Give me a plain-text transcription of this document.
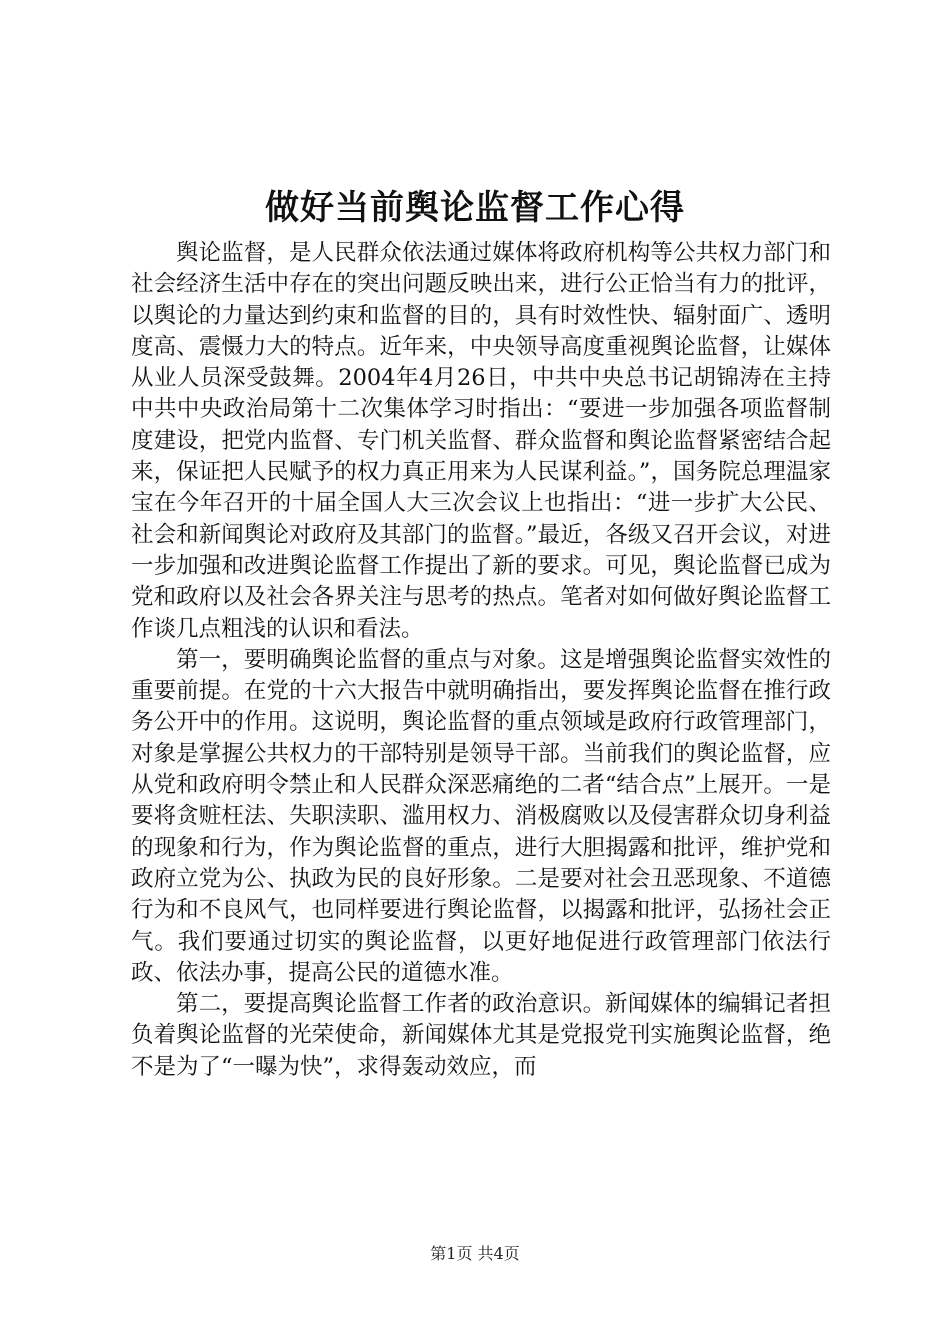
做好当前舆论监督工作心得

舆论监督，是人民群众依法通过媒体将政府机构等公共权力部门和社会经济生活中存在的突出问题反映出来，进行公正恰当有力的批评，以舆论的力量达到约束和监督的目的，具有时效性快、辐射面广、透明度高、震慑力大的特点。近年来，中央领导高度重视舆论监督，让媒体从业人员深受鼓舞。2004年4月26日，中共中央总书记胡锦涛在主持中共中央政治局第十二次集体学习时指出：“要进一步加强各项监督制度建设，把党内监督、专门机关监督、群众监督和舆论监督紧密结合起来，保证把人民赋予的权力真正用来为人民谋利益。”，国务院总理温家宝在今年召开的十届全国人大三次会议上也指出：“进一步扩大公民、社会和新闻舆论对政府及其部门的监督。”最近，各级又召开会议，对进一步加强和改进舆论监督工作提出了新的要求。可见，舆论监督已成为党和政府以及社会各界关注与思考的热点。笔者对如何做好舆论监督工作谈几点粗浅的认识和看法。

第一，要明确舆论监督的重点与对象。这是增强舆论监督实效性的重要前提。在党的十六大报告中就明确指出，要发挥舆论监督在推行政务公开中的作用。这说明，舆论监督的重点领域是政府行政管理部门，对象是掌握公共权力的干部特别是领导干部。当前我们的舆论监督，应从党和政府明令禁止和人民群众深恶痛绝的二者“结合点”上展开。一是要将贪赃枉法、失职渎职、滥用权力、消极腐败以及侵害群众切身利益的现象和行为，作为舆论监督的重点，进行大胆揭露和批评，维护党和政府立党为公、执政为民的良好形象。二是要对社会丑恶现象、不道德行为和不良风气，也同样要进行舆论监督，以揭露和批评，弘扬社会正气。我们要通过切实的舆论监督，以更好地促进行政管理部门依法行政、依法办事，提高公民的道德水准。

第二，要提高舆论监督工作者的政治意识。新闻媒体的编辑记者担负着舆论监督的光荣使命，新闻媒体尤其是党报党刊实施舆论监督，绝不是为了“一曝为快”，求得轰动效应，而

第1页 共4页
